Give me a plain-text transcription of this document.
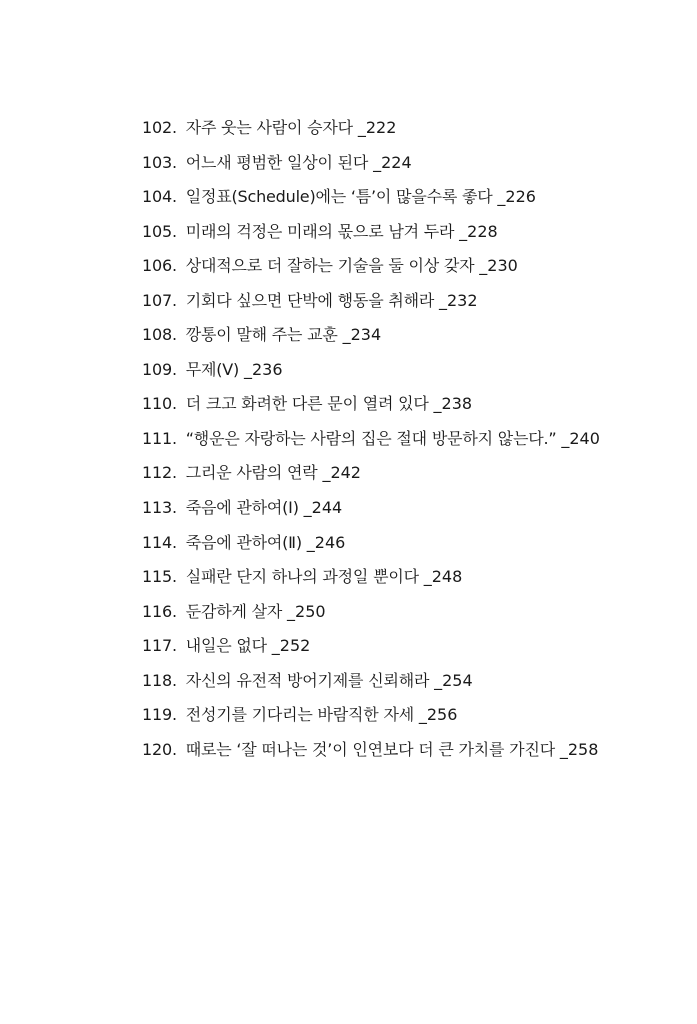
102. 자주 웃는 사람이 승자다 _222
103. 어느새 평범한 일상이 된다 _224
104. 일정표(Schedule)에는 ‘틈’이 많을수록 좋다 _226
105. 미래의 걱정은 미래의 몫으로 남겨 두라 _228
106. 상대적으로 더 잘하는 기술을 둘 이상 갖자 _230
107. 기회다 싶으면 단박에 행동을 취해라 _232
108. 깡통이 말해 주는 교훈 _234
109. 무제(Ⅴ) _236
110. 더 크고 화려한 다른 문이 열려 있다 _238
111. “행운은 자랑하는 사람의 집은 절대 방문하지 않는다.” _240
112. 그리운 사람의 연락 _242
113. 죽음에 관하여(Ⅰ) _244
114. 죽음에 관하여(Ⅱ) _246
115. 실패란 단지 하나의 과정일 뿐이다 _248
116. 둔감하게 살자 _250
117. 내일은 없다 _252
118. 자신의 유전적 방어기제를 신뢰해라 _254
119. 전성기를 기다리는 바람직한 자세 _256
120. 때로는 ‘잘 떠나는 것’이 인연보다 더 큰 가치를 가진다 _258
